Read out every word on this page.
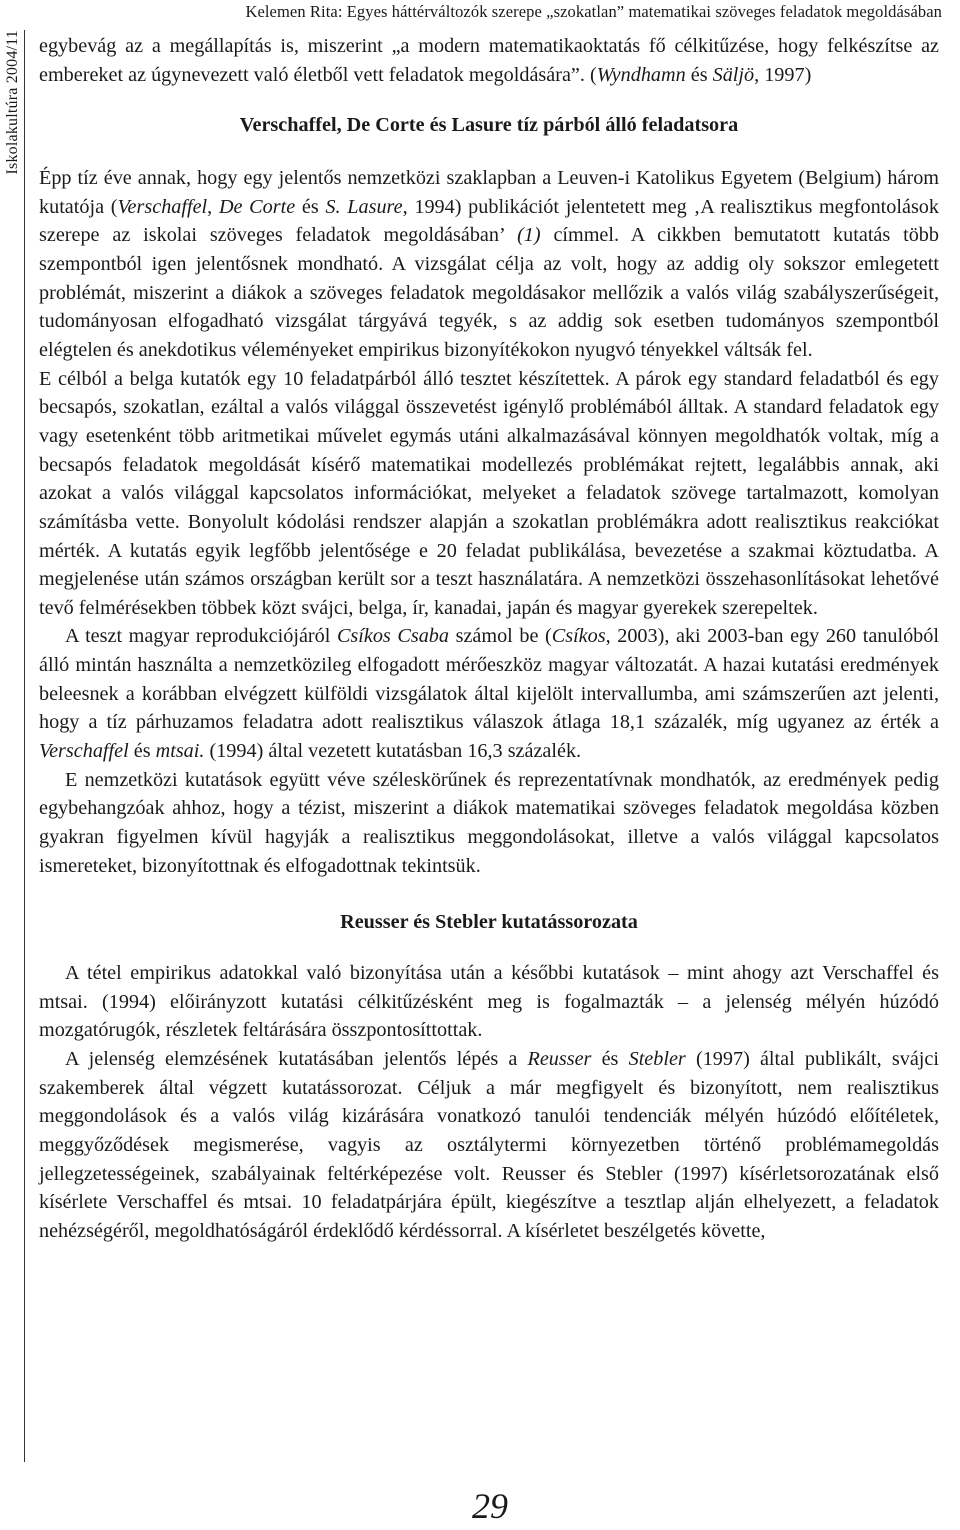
Kelemen Rita: Egyes háttérváltozók szerepe „szokatlan” matematikai szöveges feladatok megoldásában
Iskolakultúra 2004/11 egybevág az a megállapítás is, miszerint „a modern matematikaoktatás fő célkitűzése, hogy felkészítse az embereket az úgynevezett való életből vett feladatok megoldására”. (Wyndhamn és Säljö, 1997)

Verschaffel, De Corte és Lasure tíz párból álló feladatsora

Épp tíz éve annak, hogy egy jelentős nemzetközi szaklapban a Leuven-i Katolikus Egyetem (Belgium) három kutatója (Verschaffel, De Corte és S. Lasure, 1994) publikációt jelentetett meg ‚A realisztikus megfontolások szerepe az iskolai szöveges feladatok megoldásában’ (1) címmel. A cikkben bemutatott kutatás több szempontból igen jelentősnek mondható. A vizsgálat célja az volt, hogy az addig oly sokszor emlegetett problémát, miszerint a diákok a szöveges feladatok megoldásakor mellőzik a valós világ szabályszerűségeit, tudományosan elfogadható vizsgálat tárgyává tegyék, s az addig sok esetben tudományos szempontból elégtelen és anekdotikus véleményeket empirikus bizonyítékokon nyugvó tényekkel váltsák fel.

E célból a belga kutatók egy 10 feladatpárból álló tesztet készítettek. A párok egy standard feladatból és egy becsapós, szokatlan, ezáltal a valós világgal összevetést igénylő problémából álltak. A standard feladatok egy vagy esetenként több aritmetikai művelet egymás utáni alkalmazásával könnyen megoldhatók voltak, míg a becsapós feladatok megoldását kísérő matematikai modellezés problémákat rejtett, legalábbis annak, aki azokat a valós világgal kapcsolatos információkat, melyeket a feladatok szövege tartalmazott, komolyan számításba vette. Bonyolult kódolási rendszer alapján a szokatlan problémákra adott realisztikus reakciókat mérték. A kutatás egyik legfőbb jelentősége e 20 feladat publikálása, bevezetése a szakmai köztudatba. A megjelenése után számos országban került sor a teszt használatára. A nemzetközi összehasonlításokat lehetővé tevő felmérésekben többek közt svájci, belga, ír, kanadai, japán és magyar gyerekek szerepeltek.

A teszt magyar reprodukciójáról Csíkos Csaba számol be (Csíkos, 2003), aki 2003-ban egy 260 tanulóból álló mintán használta a nemzetközileg elfogadott mérőeszköz magyar változatát. A hazai kutatási eredmények beleesnek a korábban elvégzett külföldi vizsgálatok által kijelölt intervallumba, ami számszerűen azt jelenti, hogy a tíz párhuzamos feladatra adott realisztikus válaszok átlaga 18,1 százalék, míg ugyanez az érték a Verschaffel és mtsai. (1994) által vezetett kutatásban 16,3 százalék.

E nemzetközi kutatások együtt véve széleskörűnek és reprezentatívnak mondhatók, az eredmények pedig egybehangzóak ahhoz, hogy a tézist, miszerint a diákok matematikai szöveges feladatok megoldása közben gyakran figyelmen kívül hagyják a realisztikus meggondolásokat, illetve a valós világgal kapcsolatos ismereteket, bizonyítottnak és elfogadottnak tekintsük.

Reusser és Stebler kutatássorozata

A tétel empirikus adatokkal való bizonyítása után a későbbi kutatások – mint ahogy azt Verschaffel és mtsai. (1994) előirányzott kutatási célkitűzésként meg is fogalmazták – a jelenség mélyén húzódó mozgatórugók, részletek feltárására összpontosíttottak.

A jelenség elemzésének kutatásában jelentős lépés a Reusser és Stebler (1997) által publikált, svájci szakemberek által végzett kutatássorozat. Céljuk a már megfigyelt és bizonyított, nem realisztikus meggondolások és a valós világ kizárására vonatkozó tanulói tendenciák mélyén húzódó előítéletek, meggyőződések megismerése, vagyis az osztálytermi környezetben történő problémamegoldás jellegzetességeinek, szabályainak feltérképezése volt. Reusser és Stebler (1997) kísérletsorozatának első kísérlete Verschaffel és mtsai. 10 feladatpárjára épült, kiegészítve a tesztlap alján elhelyezett, a feladatok nehézségéről, megoldhatóságáról érdeklődő kérdéssorral. A kísérletet beszélgetés követte,

29
